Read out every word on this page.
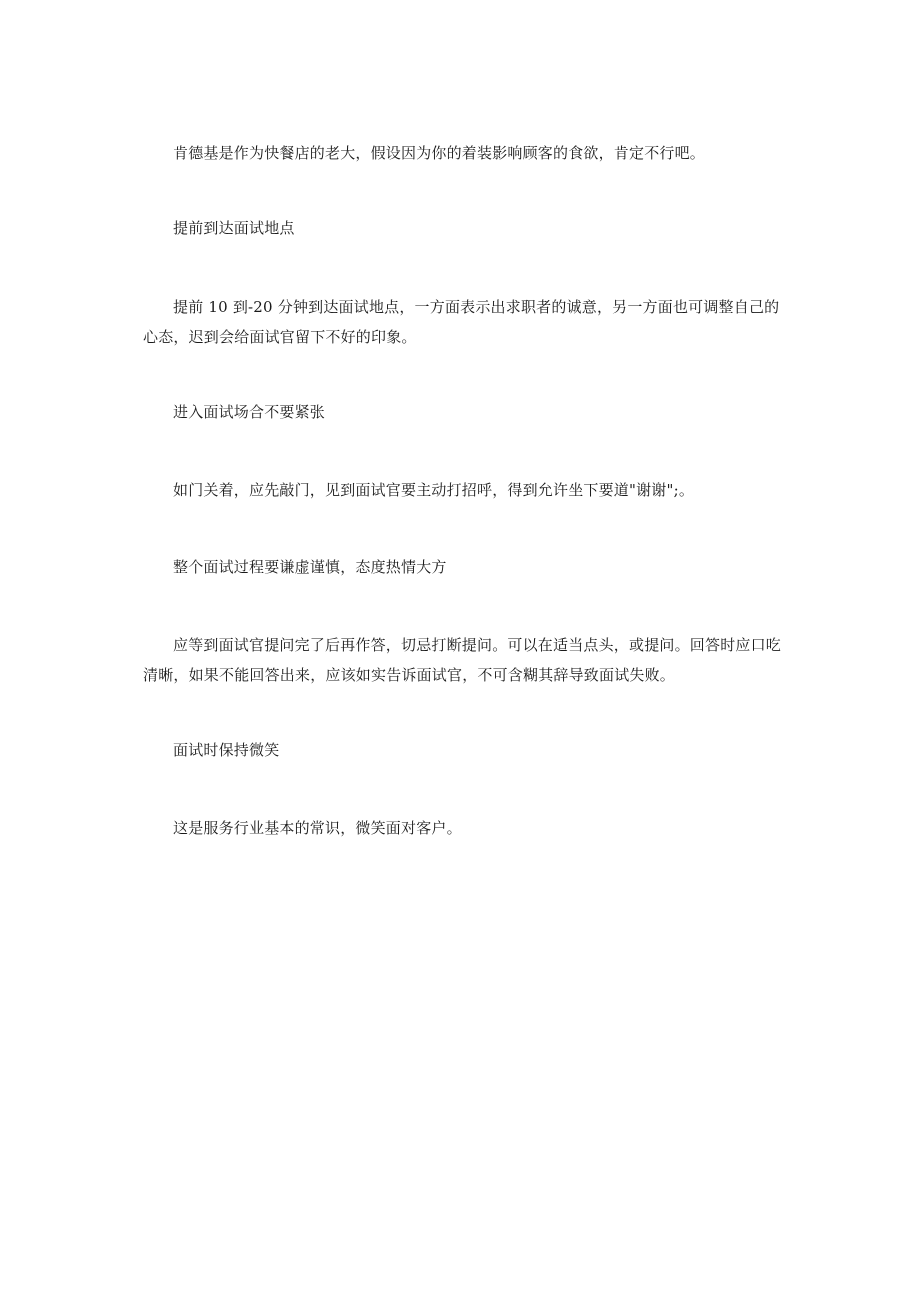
肯德基是作为快餐店的老大，假设因为你的着装影响顾客的食欲，肯定不行吧。

提前到达面试地点

提前 10 到-20 分钟到达面试地点，一方面表示出求职者的诚意，另一方面也可调整自己的心态，迟到会给面试官留下不好的印象。

进入面试场合不要紧张

如门关着，应先敲门，见到面试官要主动打招呼，得到允许坐下要道"谢谢";。

整个面试过程要谦虚谨慎，态度热情大方

应等到面试官提问完了后再作答，切忌打断提问。可以在适当点头，或提问。回答时应口吃清晰，如果不能回答出来，应该如实告诉面试官，不可含糊其辞导致面试失败。

面试时保持微笑

这是服务行业基本的常识，微笑面对客户。
